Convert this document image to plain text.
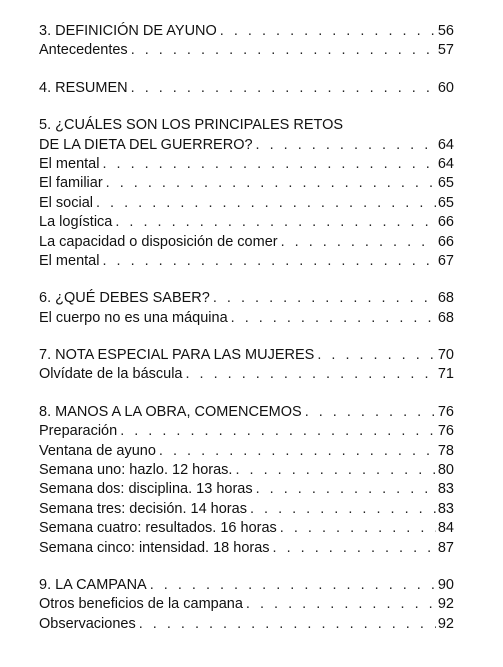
3. DEFINICIÓN DE AYUNO . . .	56
Antecedentes . . .	57
4. RESUMEN . . .	60
5. ¿CUÁLES SON LOS PRINCIPALES RETOS
DE LA DIETA DEL GUERRERO? . . .	64
El mental . . .	64
El familiar . . .	65
El social . . .	65
La logística . . .	66
La capacidad o disposición de comer . . .	66
El mental . . .	67
6. ¿QUÉ DEBES SABER? . . .	68
El cuerpo no es una máquina . . .	68
7. NOTA ESPECIAL PARA LAS MUJERES . . .	70
Olvídate de la báscula . . .	71
8. MANOS A LA OBRA, COMENCEMOS . . .	76
Preparación . . .	76
Ventana de ayuno . . .	78
Semana uno: hazlo. 12 horas. . . .	80
Semana dos: disciplina. 13 horas . . .	83
Semana tres: decisión. 14 horas . . .	83
Semana cuatro: resultados. 16 horas . . .	84
Semana cinco: intensidad. 18 horas . . .	87
9. LA CAMPANA . . .	90
Otros beneficios de la campana . . .	92
Observaciones . . .	92
